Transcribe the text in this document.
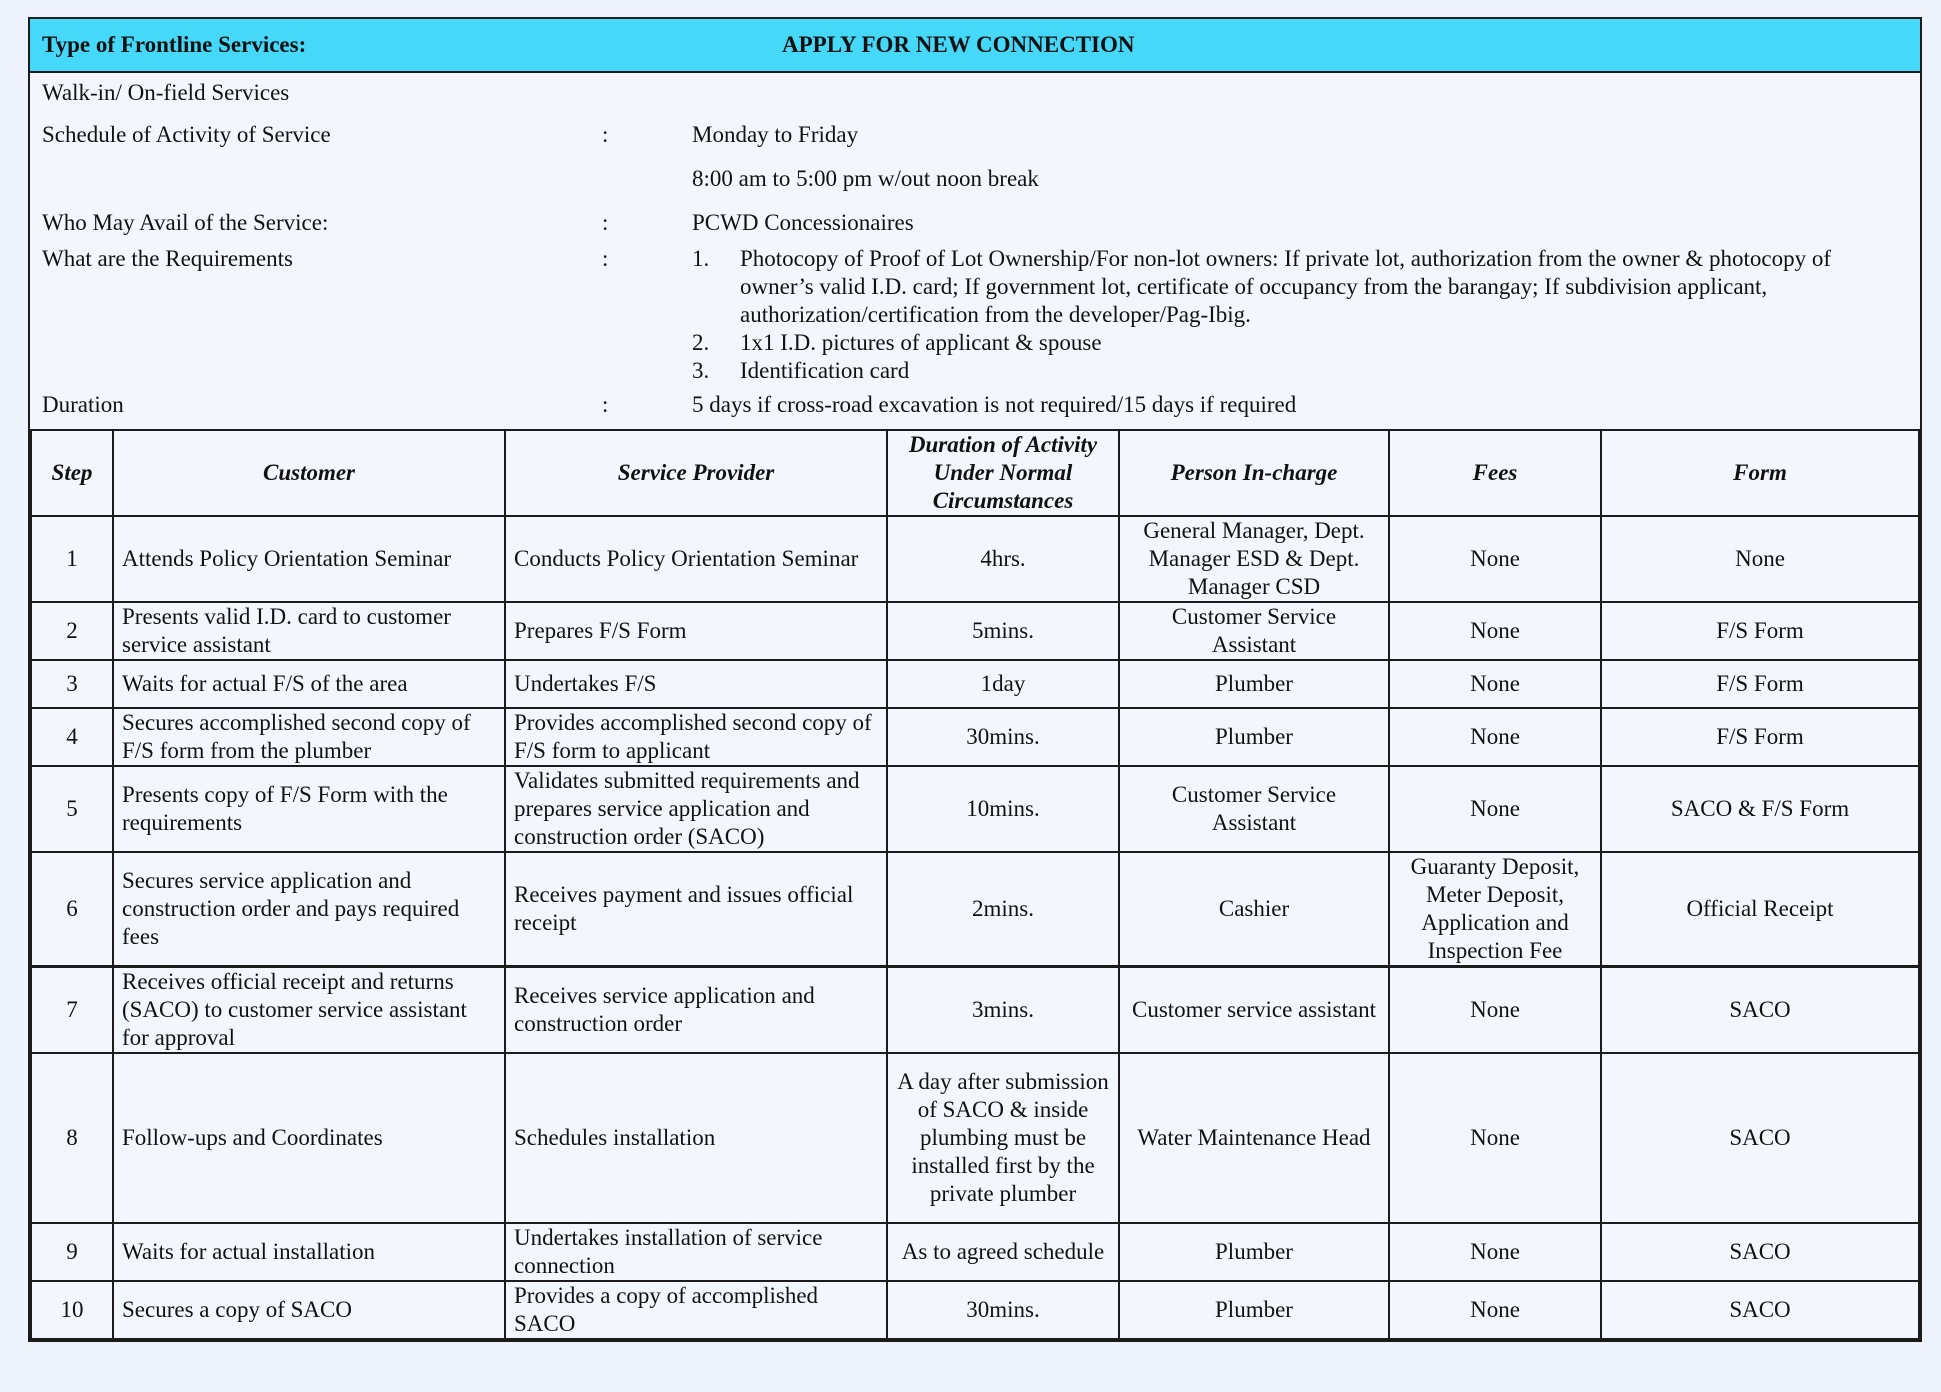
Type of Frontline Services:	APPLY FOR NEW CONNECTION
Walk-in/ On-field Services
Schedule of Activity of Service	:	Monday to Friday
8:00 am to 5:00 pm w/out noon break
Who May Avail of the Service:	:	PCWD Concessionaires
What are the Requirements	:	1.	Photocopy of Proof of Lot Ownership/For non-lot owners: If private lot, authorization from the owner & photocopy of owner’s valid I.D. card; If government lot, certificate of occupancy from the barangay; If subdivision applicant, authorization/certification from the developer/Pag-Ibig.
2.	1x1 I.D. pictures of applicant & spouse
3.	Identification card
Duration	:	5 days if cross-road excavation is not required/15 days if required
Step	Customer	Service Provider	Duration of Activity Under Normal Circumstances	Person In-charge	Fees	Form
1	Attends Policy Orientation Seminar	Conducts Policy Orientation Seminar	4hrs.	General Manager, Dept. Manager ESD & Dept. Manager CSD	None	None
2	Presents valid I.D. card to customer service assistant	Prepares F/S Form	5mins.	Customer Service Assistant	None	F/S Form
3	Waits for actual F/S of the area	Undertakes F/S	1day	Plumber	None	F/S Form
4	Secures accomplished second copy of F/S form from the plumber	Provides accomplished second copy of F/S form to applicant	30mins.	Plumber	None	F/S Form
5	Presents copy of F/S Form with the requirements	Validates submitted requirements and prepares service application and construction order (SACO)	10mins.	Customer Service Assistant	None	SACO & F/S Form
6	Secures service application and construction order and pays required fees	Receives payment and issues official receipt	2mins.	Cashier	Guaranty Deposit, Meter Deposit, Application and Inspection Fee	Official Receipt
7	Receives official receipt and returns (SACO) to customer service assistant for approval	Receives service application and construction order	3mins.	Customer service assistant	None	SACO
8	Follow-ups and Coordinates	Schedules installation	A day after submission of SACO & inside plumbing must be installed first by the private plumber	Water Maintenance Head	None	SACO
9	Waits for actual installation	Undertakes installation of service connection	As to agreed schedule	Plumber	None	SACO
10	Secures a copy of SACO	Provides a copy of accomplished SACO	30mins.	Plumber	None	SACO
